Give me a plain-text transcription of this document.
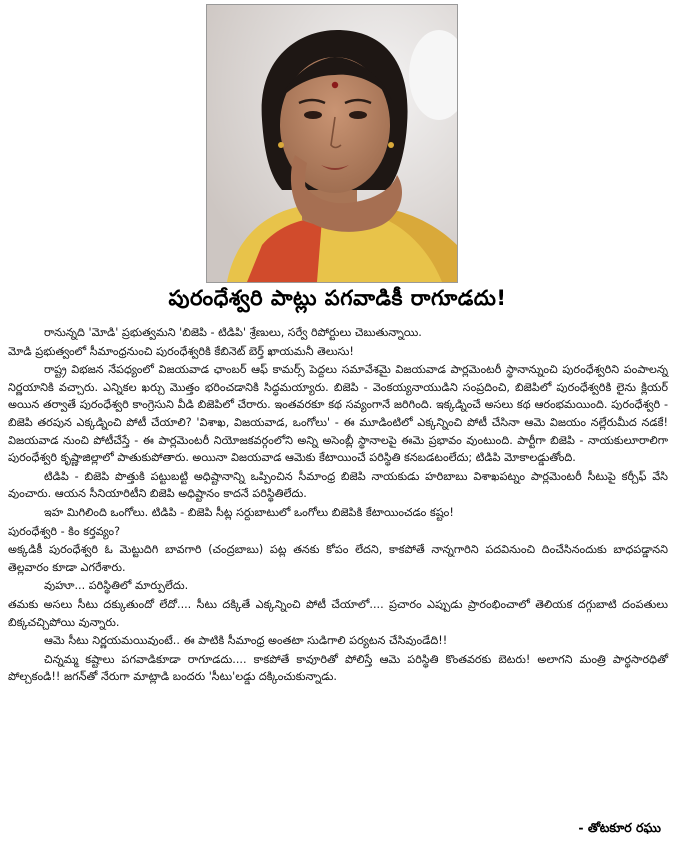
పురంధేశ్వరి పాట్లు పగవాడికీ రాగూడదు!

రానున్నది 'మోడి' ప్రభుత్వమని 'బిజెపి - టిడిపి' శ్రేణులు, సర్వే రిపోర్టులు చెబుతున్నాయి.

మోడి ప్రభుత్వంలో సీమాంధ్రనుంచి పురంధేశ్వరికి కేబినెట్ బెర్త్ ఖాయమనీ తెలుసు!

రాష్ట్ర విభజన నేపధ్యంలో విజయవాడ ఛాంబర్ ఆఫ్ కామర్స్ పెద్దలు సమావేశమై విజయవాడ పార్లమెంటరీ స్థానాన్నుంచి పురంధేశ్వరిని పంపాలన్న నిర్ణయానికి వచ్చారు. ఎన్నికల ఖర్చు మొత్తం భరించడానికి సిద్ధమయ్యారు. బిజెపి - వెంకయ్యనాయుడిని సంప్రదించి, బిజెపిలో పురంధేశ్వరికి లైను క్లియర్ అయిన తర్వాతే పురంధేశ్వరి కాంగ్రెసుని వీడి బిజెపిలో చేరారు. ఇంతవరకూ కథ సవ్యంగానే జరిగింది. ఇక్కడ్నించే అసలు కథ ఆరంభమయింది. పురంధేశ్వరి - బిజెపి తరపున ఎక్కడ్నించి పోటీ చేయాలి? 'విశాఖ, విజయవాడ, ఒంగోలు' - ఈ మూడింటిలో ఎక్కన్నించి పోటీ చేసినా ఆమె విజయం నల్లేరుమీద నడకే! విజయవాడ నుంచి పోటీచేస్తే - ఈ పార్లమెంటరీ నియోజకవర్గంలోని అన్ని అసెంబ్లీ స్థానాలపై ఈమె ప్రభావం వుంటుంది. పార్టీగా బిజెపి - నాయకులూరాలిగా పురంధేశ్వరి కృష్ణాజిల్లాలో పాతుకుపోతారు. అయినా విజయవాడ ఆమెకు కేటాయించే పరిస్థితి కనబడటంలేదు; టిడిపి మోకాలడ్డుతోంది.

టిడిపి - బిజెపి పొత్తుకి పట్టుబట్టి అధిష్టానాన్ని ఒప్పించిన సీమాంధ్ర బిజెపి నాయకుడు హరిబాబు విశాఖపట్నం పార్లమెంటరీ సీటుపై కర్చీఫ్ వేసి వుంచారు. ఆయన సీనియారిటీని బిజెపి అధిష్టానం కాదనే పరిస్థితిలేదు.

ఇహ మిగిలింది ఒంగోలు. టిడిపి - బిజెపి సీట్ల సర్దుబాటులో ఒంగోలు బిజెపికి కేటాయించడం కష్టం!

పురంధేశ్వరి - కిం కర్తవ్యం?

అక్కడికీ పురంధేశ్వరి ఓ మెట్టుదిగి బావగారి (చంద్రబాబు) పట్ల తనకు కోపం లేదని, కాకపోతే నాన్నగారిని పదవినుంచి దించేసినందుకు బాధపడ్డానని తెల్లవారం కూడా ఎగరేశారు.

వుహూ... పరిస్థితిలో మార్పులేదు.

తమకు అసలు సీటు దక్కుతుందో లేదో.... సీటు దక్కితే ఎక్కన్నించి పోటీ చేయాలో.... ప్రచారం ఎప్పుడు ప్రారంభించాలో తెలియక దగ్గుబాటి దంపతులు బిక్కచచ్చిపోయి వున్నారు.

ఆమె సీటు నిర్ణయమయివుంటే.. ఈ పాటికి సీమాంధ్ర అంతటా సుడిగాలి పర్యటన చేసివుండేది!!

చిన్నమ్మ కష్టాలు పగవాడికూడా రాగూడదు.... కాకపోతే కావూరితో పోలిస్తే ఆమె పరిస్థితి కొంతవరకు బెటరు! అలాగని మంత్రి పార్థసారధితో పోల్చకండి!! జగన్‌తో నేరుగా మాట్లాడి బందరు 'సీటు'లడ్డు దక్కించుకున్నాడు.

- తోటకూర రఘు
